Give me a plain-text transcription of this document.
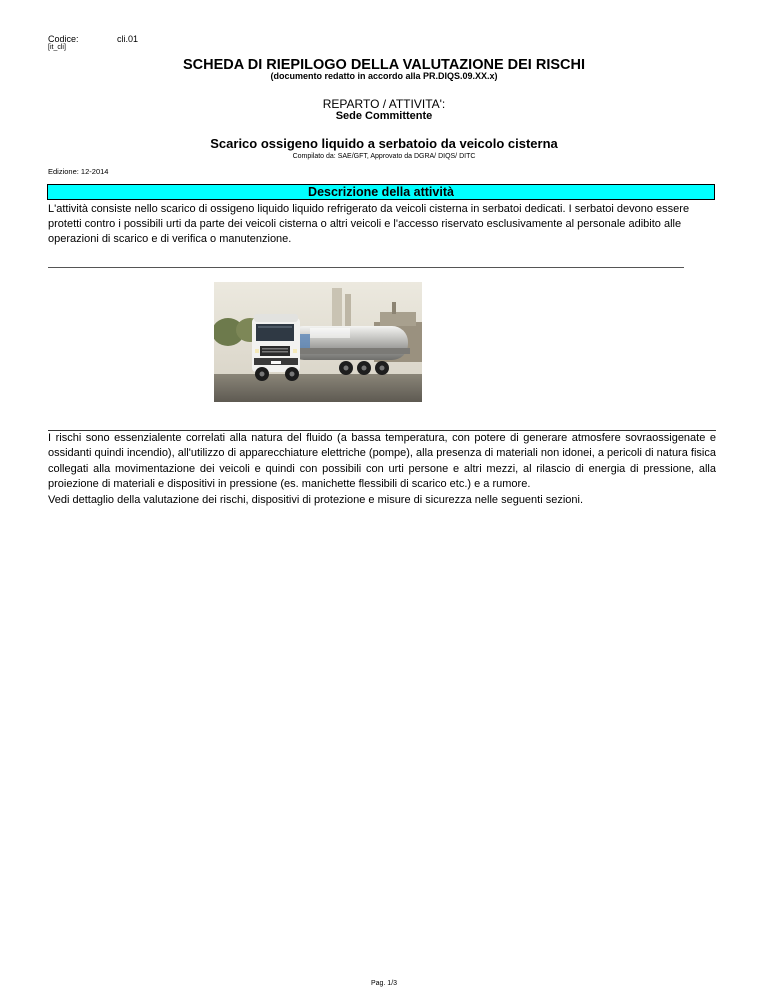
Codice:	cli.01
[it_cli]
SCHEDA DI RIEPILOGO DELLA VALUTAZIONE DEI RISCHI
(documento redatto in accordo alla PR.DIQS.09.XX.x)
REPARTO / ATTIVITA':
Sede Committente
Scarico ossigeno liquido a serbatoio da veicolo cisterna
Compilato da: SAE/GFT, Approvato da DGRA/ DIQS/ DITC
Edizione: 12-2014
Descrizione della attività
L'attività consiste nello scarico di ossigeno liquido liquido refrigerato da veicoli cisterna in serbatoi dedicati. I serbatoi devono essere protetti contro i possibili urti da parte dei veicoli cisterna o altri veicoli e l'accesso riservato esclusivamente al personale adibito alle operazioni di scarico e di verifica o manutenzione.

I rischi sono essenzialente correlati alla natura del fluido (a bassa temperatura, con potere di generare atmosfere sovraossigenate e ossidanti quindi incendio), all'utilizzo di apparecchiature elettriche (pompe), alla presenza di materiali non idonei, a pericoli di natura fisica collegati alla movimentazione dei veicoli e quindi con possibili con urti persone e altri mezzi, al rilascio di energia di pressione, alla proiezione di materiali e dispositivi in pressione (es. manichette flessibili di scarico etc.) e a rumore.

Vedi dettaglio della valutazione dei rischi, dispositivi di protezione e misure di sicurezza nelle seguenti sezioni.

Pag. 1/3
